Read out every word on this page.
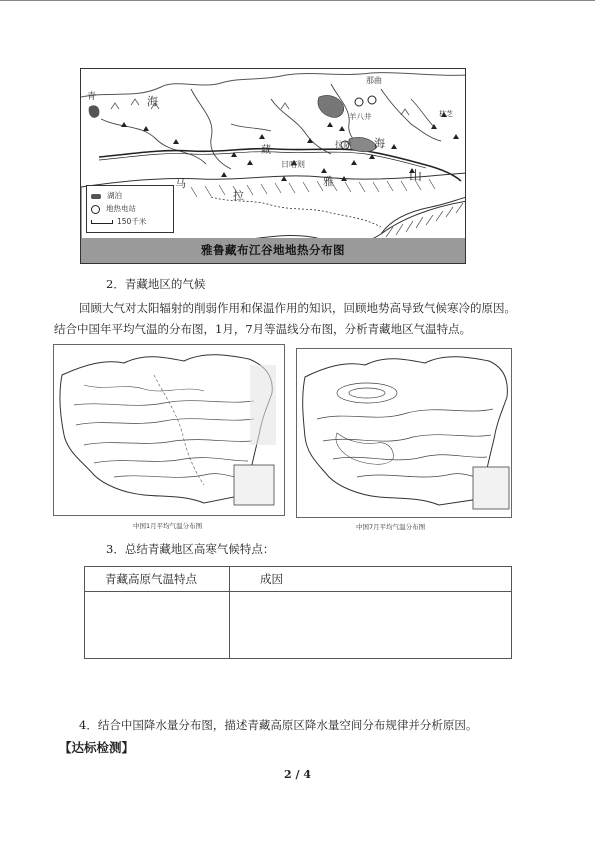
青	海
海
山
那曲
羊八井
拉萨
日喀则
林芝
马
拉
雅
藏
湖泊
地热电站
150千米
雅鲁藏布江谷地地热分布图
2．青藏地区的气候
回顾大气对太阳辐射的削弱作用和保温作用的知识，回顾地势高导致气候寒冷的原因。
结合中国年平均气温的分布图，1月，7月等温线分布图，分析青藏地区气温特点。
中国1月平均气温分布图	中国7月平均气温分布图
3．总结青藏地区高寒气候特点：
青藏高原气温特点	成因

4．结合中国降水量分布图，描述青藏高原区降水量空间分布规律并分析原因。
【达标检测】
2 / 4
